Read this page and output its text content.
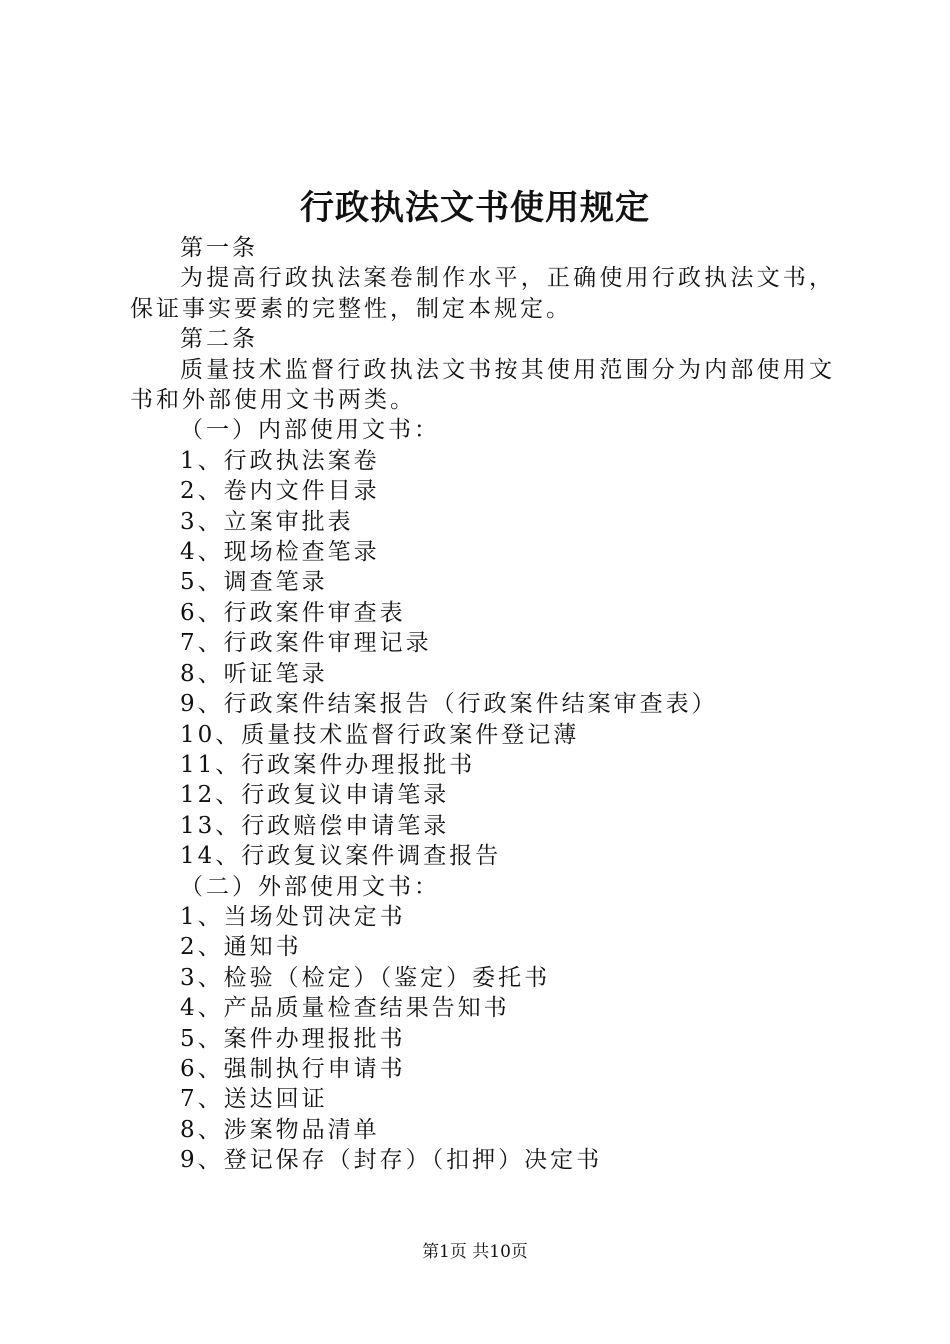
行政执法文书使用规定
第一条
为提高行政执法案卷制作水平，正确使用行政执法文书，保证事实要素的完整性，制定本规定。
第二条
质量技术监督行政执法文书按其使用范围分为内部使用文书和外部使用文书两类。
（一）内部使用文书：
1、行政执法案卷
2、卷内文件目录
3、立案审批表
4、现场检查笔录
5、调查笔录
6、行政案件审查表
7、行政案件审理记录
8、听证笔录
9、行政案件结案报告（行政案件结案审查表）
10、质量技术监督行政案件登记薄
11、行政案件办理报批书
12、行政复议申请笔录
13、行政赔偿申请笔录
14、行政复议案件调查报告
（二）外部使用文书：
1、当场处罚决定书
2、通知书
3、检验（检定）（鉴定）委托书
4、产品质量检查结果告知书
5、案件办理报批书
6、强制执行申请书
7、送达回证
8、涉案物品清单
9、登记保存（封存）（扣押）决定书
第1页 共10页
